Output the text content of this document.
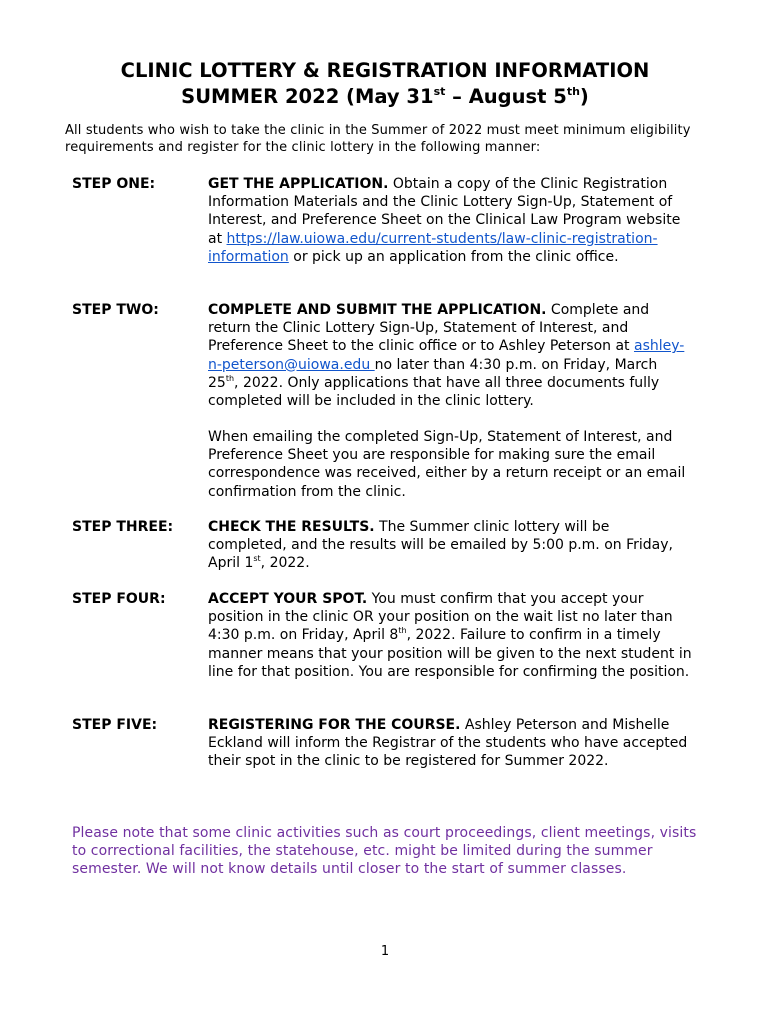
CLINIC LOTTERY & REGISTRATION INFORMATION
SUMMER 2022 (May 31st – August 5th)

All students who wish to take the clinic in the Summer of 2022 must meet minimum eligibility requirements and register for the clinic lottery in the following manner:

STEP ONE:	GET THE APPLICATION. Obtain a copy of the Clinic Registration Information Materials and the Clinic Lottery Sign-Up, Statement of Interest, and Preference Sheet on the Clinical Law Program website at https://law.uiowa.edu/current-students/law-clinic-registration-information or pick up an application from the clinic office.

STEP TWO:	COMPLETE AND SUBMIT THE APPLICATION. Complete and return the Clinic Lottery Sign-Up, Statement of Interest, and Preference Sheet to the clinic office or to Ashley Peterson at ashley-n-peterson@uiowa.edu no later than 4:30 p.m. on Friday, March 25th, 2022. Only applications that have all three documents fully completed will be included in the clinic lottery.

When emailing the completed Sign-Up, Statement of Interest, and Preference Sheet you are responsible for making sure the email correspondence was received, either by a return receipt or an email confirmation from the clinic.

STEP THREE: CHECK THE RESULTS. The Summer clinic lottery will be completed, and the results will be emailed by 5:00 p.m. on Friday, April 1st, 2022.

STEP FOUR:	ACCEPT YOUR SPOT. You must confirm that you accept your position in the clinic OR your position on the wait list no later than 4:30 p.m. on Friday, April 8th, 2022. Failure to confirm in a timely manner means that your position will be given to the next student in line for that position. You are responsible for confirming the position.

STEP FIVE:	REGISTERING FOR THE COURSE. Ashley Peterson and Mishelle Eckland will inform the Registrar of the students who have accepted their spot in the clinic to be registered for Summer 2022.

Please note that some clinic activities such as court proceedings, client meetings, visits to correctional facilities, the statehouse, etc. might be limited during the summer semester. We will not know details until closer to the start of summer classes.

1
